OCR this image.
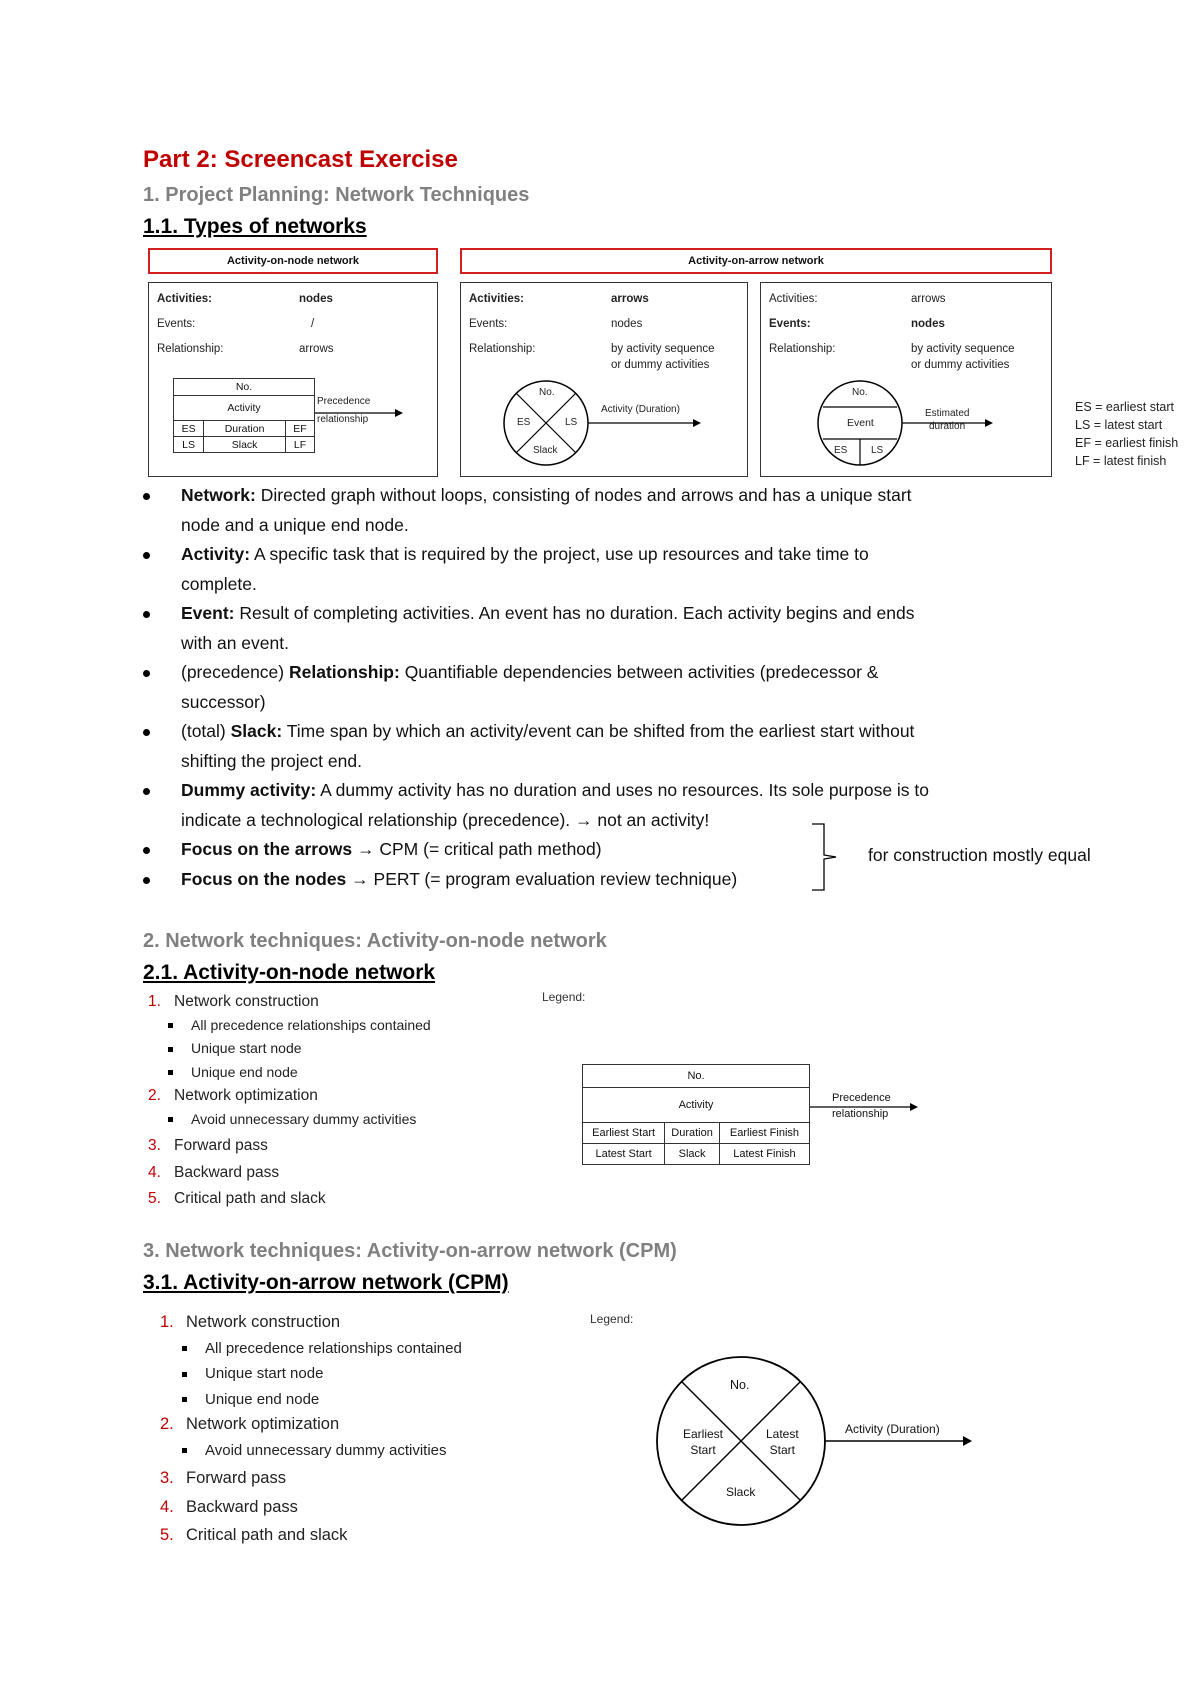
Part 2: Screencast Exercise
1. Project Planning: Network Techniques
1.1. Types of networks
Activity-on-node network	Activity-on-arrow network
Activities:	nodes
Events:	/
Relationship:	arrows
No.		
Activity		
ES	Duration	EF
LS	Slack	LF
Precedence
relationship
Activities:	arrows
Events:	nodes
Relationship:	by activity sequence
or dummy activities
No.
ES	LS
Slack
Activity (Duration)
Activities:	arrows
Events:	nodes
Relationship:	by activity sequence
or dummy activities
No.
Event
ES LS
Estimated
duration
ES = earliest start
LS = latest start
EF = earliest finish
LF = latest finish
Network: Directed graph without loops, consisting of nodes and arrows and has a unique start node and a unique end node.
Activity: A specific task that is required by the project, use up resources and take time to complete.
Event: Result of completing activities. An event has no duration. Each activity begins and ends with an event.
(precedence) Relationship: Quantifiable dependencies between activities (predecessor & successor)
(total) Slack: Time span by which an activity/event can be shifted from the earliest start without shifting the project end.
Dummy activity: A dummy activity has no duration and uses no resources. Its sole purpose is to indicate a technological relationship (precedence). → not an activity!
Focus on the arrows → CPM (= critical path method)
Focus on the nodes → PERT (= program evaluation review technique)
for construction mostly equal
2. Network techniques: Activity-on-node network
2.1. Activity-on-node network
1. Network construction
All precedence relationships contained
Unique start node
Unique end node
2. Network optimization
Avoid unnecessary dummy activities
3. Forward pass
4. Backward pass
5. Critical path and slack
Legend:
No.		
Activity		
Earliest Start	Duration	Earliest Finish
Latest Start	Slack	Latest Finish
Precedence
relationship
3. Network techniques: Activity-on-arrow network (CPM)
3.1. Activity-on-arrow network (CPM)
1. Network construction
All precedence relationships contained
Unique start node
Unique end node
2. Network optimization
Avoid unnecessary dummy activities
3. Forward pass
4. Backward pass
5. Critical path and slack
Legend:
No.
Earliest
Start
Latest
Start
Slack
Activity (Duration)
